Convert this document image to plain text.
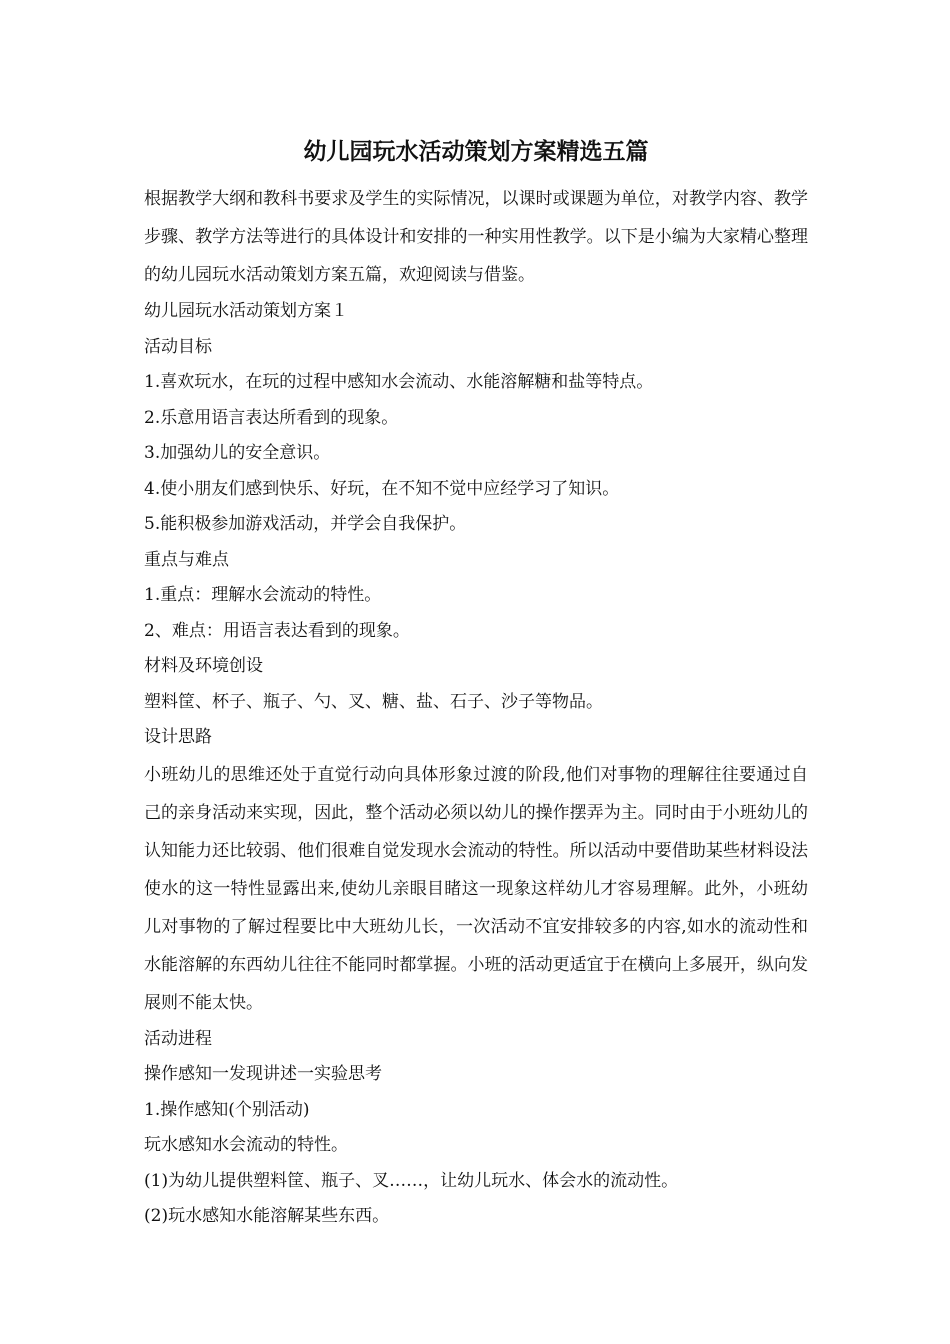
幼儿园玩水活动策划方案精选五篇

根据教学大纲和教科书要求及学生的实际情况，以课时或课题为单位，对教学内容、教学步骤、教学方法等进行的具体设计和安排的一种实用性教学。以下是小编为大家精心整理的幼儿园玩水活动策划方案五篇，欢迎阅读与借鉴。

幼儿园玩水活动策划方案１

活动目标

1.喜欢玩水，在玩的过程中感知水会流动、水能溶解糖和盐等特点。

2.乐意用语言表达所看到的现象。

3.加强幼儿的安全意识。

4.使小朋友们感到快乐、好玩，在不知不觉中应经学习了知识。

5.能积极参加游戏活动，并学会自我保护。

重点与难点

1.重点：理解水会流动的特性。

2、难点：用语言表达看到的现象。

材料及环境创设

塑料筐、杯子、瓶子、勺、叉、糖、盐、石子、沙子等物品。

设计思路

小班幼儿的思维还处于直觉行动向具体形象过渡的阶段,他们对事物的理解往往要通过自己的亲身活动来实现，因此，整个活动必须以幼儿的操作摆弄为主。同时由于小班幼儿的认知能力还比较弱、他们很难自觉发现水会流动的特性。所以活动中要借助某些材料设法使水的这一特性显露出来,使幼儿亲眼目睹这一现象这样幼儿才容易理解。此外，小班幼儿对事物的了解过程要比中大班幼儿长，一次活动不宜安排较多的内容,如水的流动性和水能溶解的东西幼儿往往不能同时都掌握。小班的活动更适宜于在横向上多展开，纵向发展则不能太快。

活动进程

操作感知一发现讲述一实验思考

1.操作感知(个别活动)

玩水感知水会流动的特性。

(1)为幼儿提供塑料筐、瓶子、叉……，让幼儿玩水、体会水的流动性。

(2)玩水感知水能溶解某些东西。
